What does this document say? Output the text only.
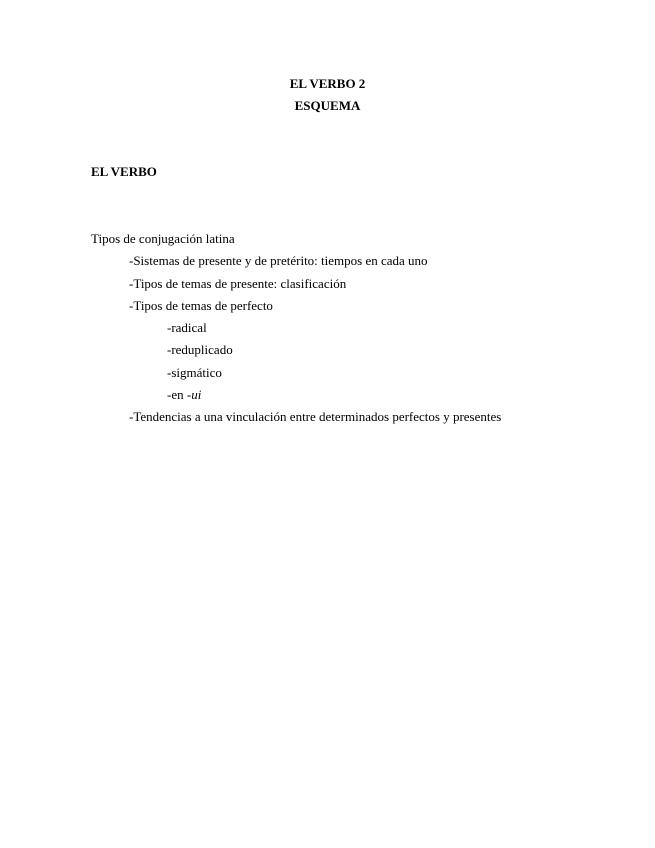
EL VERBO 2

ESQUEMA

EL VERBO

Tipos de conjugación latina
-Sistemas de presente y de pretérito: tiempos en cada uno
-Tipos de temas de presente: clasificación
-Tipos de temas de perfecto
-radical
-reduplicado
-sigmático
-en -ui
-Tendencias a una vinculación entre determinados perfectos y presentes
